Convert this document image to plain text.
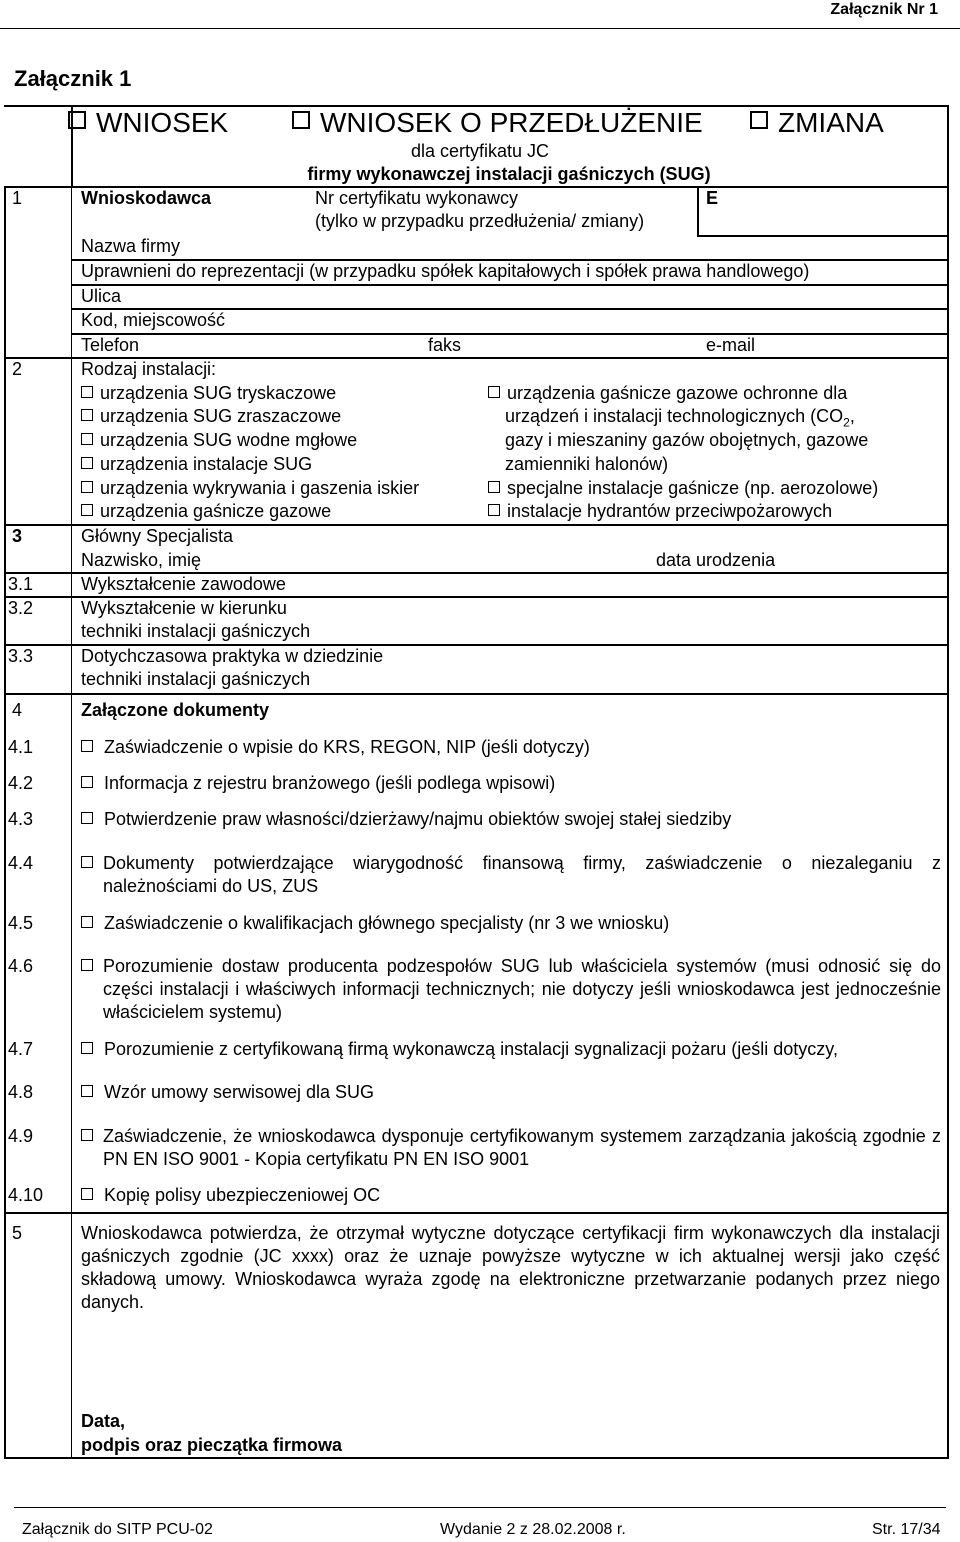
Załącznik Nr 1
Załącznik 1
WNIOSEK	WNIOSEK O PRZEDŁUŻENIE	ZMIANA
dla certyfikatu JC
firmy wykonawczej instalacji gaśniczych (SUG)
1	Wnioskodawca	Nr certyfikatu wykonawcy
(tylko w przypadku przedłużenia/ zmiany)
E
Nazwa firmy
Uprawnieni do reprezentacji (w przypadku spółek kapitałowych i spółek prawa handlowego)
Ulica
Kod, miejscowość
Telefon	faks	e-mail
2	Rodzaj instalacji:
urządzenia SUG tryskaczowe
urządzenia SUG zraszaczowe
urządzenia SUG wodne mgłowe
urządzenia instalacje SUG
urządzenia wykrywania i gaszenia iskier
urządzenia gaśnicze gazowe
urządzenia gaśnicze gazowe ochronne dla
urządzeń i instalacji technologicznych ($CO_2$,
gazy i mieszaniny gazów obojętnych, gazowe
zamienniki halonów)
specjalne instalacje gaśnicze (np. aerozolowe)
instalacje hydrantów przeciwpożarowych
3	Główny Specjalista
Nazwisko, imię	data urodzenia
3.1	Wykształcenie zawodowe
3.2	Wykształcenie w kierunku
techniki instalacji gaśniczych
3.3	Dotychczasowa praktyka w dziedzinie
techniki instalacji gaśniczych
4	Załączone dokumenty
4.1	Zaświadczenie o wpisie do KRS, REGON, NIP (jeśli dotyczy)
4.2	Informacja z rejestru branżowego (jeśli podlega wpisowi)
4.3	Potwierdzenie praw własności/dzierżawy/najmu obiektów swojej stałej siedziby
4.4	Dokumenty potwierdzające wiarygodność finansową firmy, zaświadczenie o niezaleganiu z należnościami do US, ZUS
4.5	Zaświadczenie o kwalifikacjach głównego specjalisty (nr 3 we wniosku)
4.6	Porozumienie dostaw producenta podzespołów SUG lub właściciela systemów (musi odnosić się do części instalacji i właściwych informacji technicznych; nie dotyczy jeśli wnioskodawca jest jednocześnie właścicielem systemu)
4.7	Porozumienie z certyfikowaną firmą wykonawczą instalacji sygnalizacji pożaru (jeśli dotyczy,
4.8	Wzór umowy serwisowej dla SUG
4.9	Zaświadczenie, że wnioskodawca dysponuje certyfikowanym systemem zarządzania jakością zgodnie z PN EN ISO 9001 - Kopia certyfikatu PN EN ISO 9001
4.10	Kopię polisy ubezpieczeniowej OC
5	Wnioskodawca potwierdza, że otrzymał wytyczne dotyczące certyfikacji firm wykonawczych dla instalacji gaśniczych zgodnie (JC xxxx) oraz że uznaje powyższe wytyczne w ich aktualnej wersji jako część składową umowy. Wnioskodawca wyraża zgodę na elektroniczne przetwarzanie podanych przez niego danych.
Data,
podpis oraz pieczątka firmowa
Załącznik do SITP PCU-02	Wydanie 2 z 28.02.2008 r.	Str. 17/34
